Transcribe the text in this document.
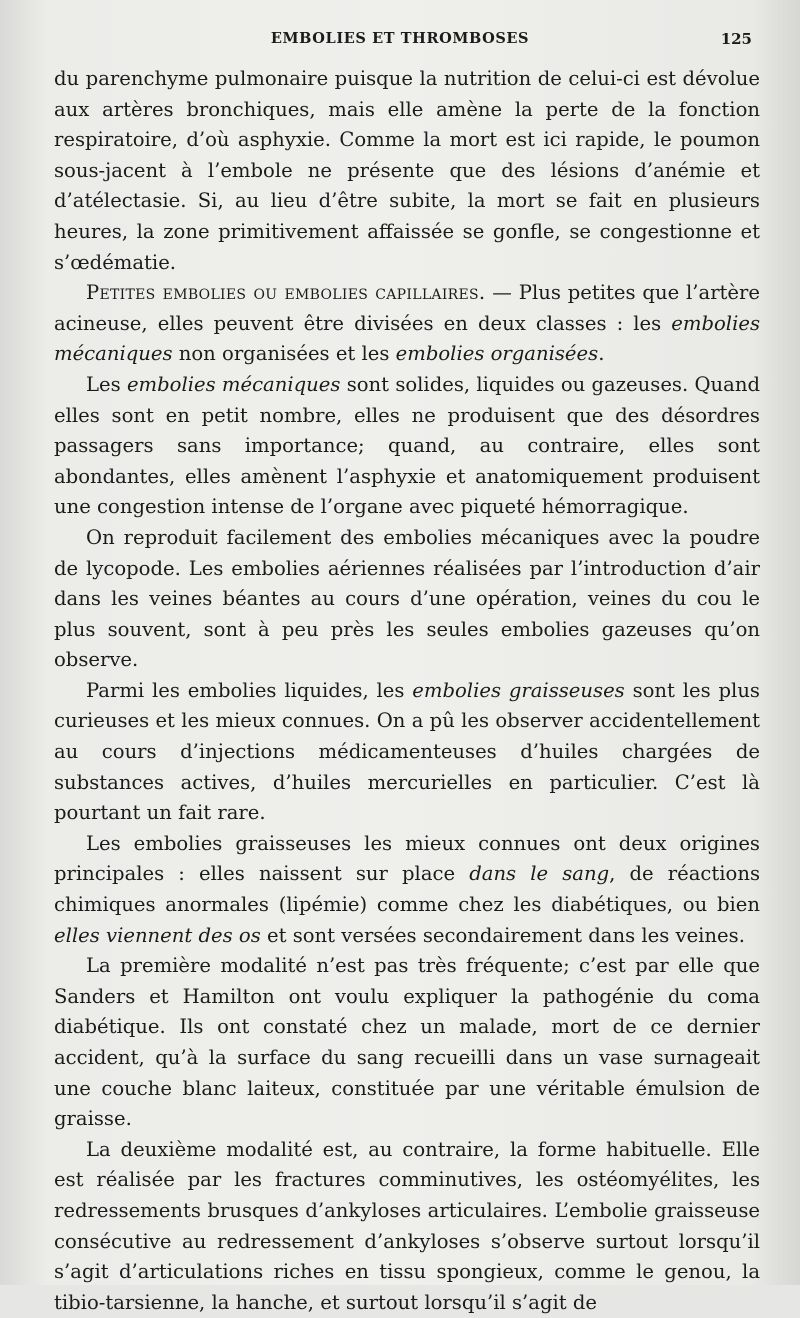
EMBOLIES ET THROMBOSES	125

du parenchyme pulmonaire puisque la nutrition de celui-ci est dévolue aux artères bronchiques, mais elle amène la perte de la fonction respiratoire, d’où asphyxie. Comme la mort est ici rapide, le poumon sous-jacent à l’embole ne présente que des lésions d’anémie et d’atélectasie. Si, au lieu d’être subite, la mort se fait en plusieurs heures, la zone primitivement affaissée se gonfle, se congestionne et s’œdématie.

Petites embolies ou embolies capillaires. — Plus petites que l’artère acineuse, elles peuvent être divisées en deux classes : les embolies mécaniques non organisées et les embolies organisées.

Les embolies mécaniques sont solides, liquides ou gazeuses. Quand elles sont en petit nombre, elles ne produisent que des désordres passagers sans importance; quand, au contraire, elles sont abondantes, elles amènent l’asphyxie et anatomiquement produisent une congestion intense de l’organe avec piqueté hémorragique.

On reproduit facilement des embolies mécaniques avec la poudre de lycopode. Les embolies aériennes réalisées par l’introduction d’air dans les veines béantes au cours d’une opération, veines du cou le plus souvent, sont à peu près les seules embolies gazeuses qu’on observe.

Parmi les embolies liquides, les embolies graisseuses sont les plus curieuses et les mieux connues. On a pû les observer accidentellement au cours d’injections médicamenteuses d’huiles chargées de substances actives, d’huiles mercurielles en particulier. C’est là pourtant un fait rare.

Les embolies graisseuses les mieux connues ont deux origines principales : elles naissent sur place dans le sang, de réactions chimiques anormales (lipémie) comme chez les diabétiques, ou bien elles viennent des os et sont versées secondairement dans les veines.

La première modalité n’est pas très fréquente; c’est par elle que Sanders et Hamilton ont voulu expliquer la pathogénie du coma diabétique. Ils ont constaté chez un malade, mort de ce dernier accident, qu’à la surface du sang recueilli dans un vase surnageait une couche blanc laiteux, constituée par une véritable émulsion de graisse.

La deuxième modalité est, au contraire, la forme habituelle. Elle est réalisée par les fractures comminutives, les ostéomyélites, les redressements brusques d’ankyloses articulaires. L’embolie graisseuse consécutive au redressement d’ankyloses s’observe surtout lorsqu’il s’agit d’articulations riches en tissu spongieux, comme le genou, la tibio-tarsienne, la hanche, et surtout lorsqu’il s’agit de
